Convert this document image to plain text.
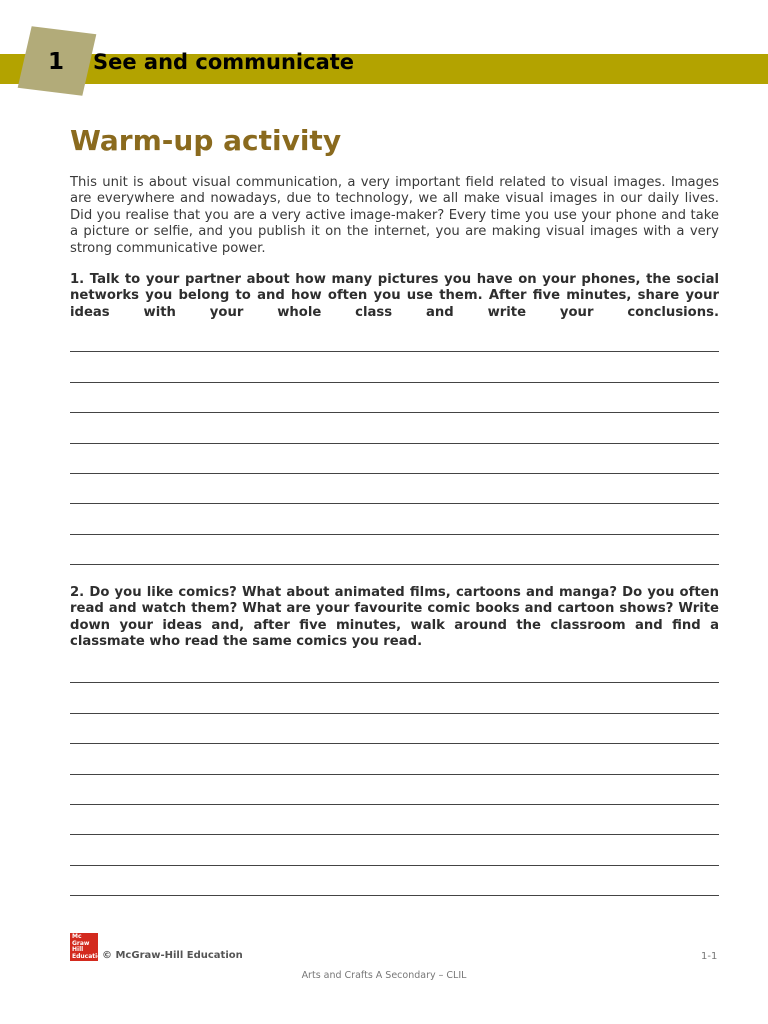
1 See and communicate
Warm-up activity
This unit is about visual communication, a very important field related to visual images. Images are everywhere and nowadays, due to technology, we all make visual images in our daily lives. Did you realise that you are a very active image-maker? Every time you use your phone and take a picture or selfie, and you publish it on the internet, you are making visual images with a very strong communicative power.
1. Talk to your partner about how many pictures you have on your phones, the social networks you belong to and how often you use them. After five minutes, share your ideas with your whole class and write your conclusions.
2. Do you like comics? What about animated films, cartoons and manga? Do you often read and watch them? What are your favourite comic books and cartoon shows? Write down your ideas and, after five minutes, walk around the classroom and find a classmate who read the same comics you read.
Mc Graw Hill Education
© McGraw-Hill Education	1-1
Arts and Crafts A Secondary – CLIL
